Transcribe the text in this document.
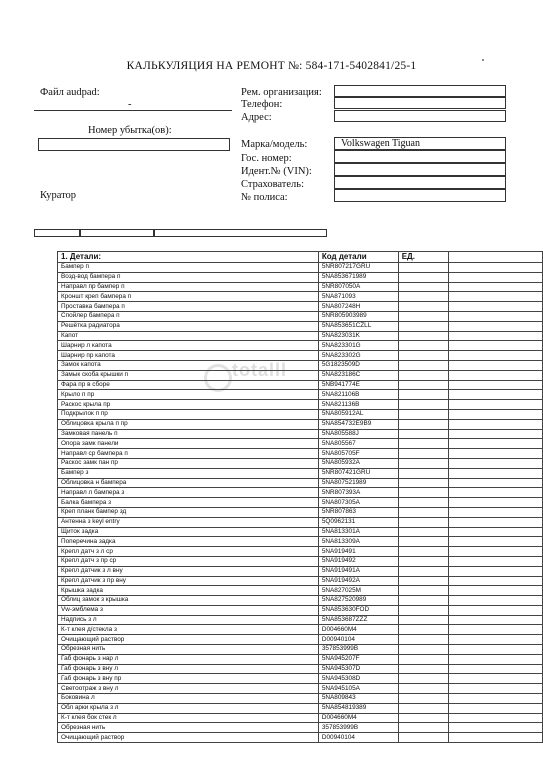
КАЛЬКУЛЯЦИЯ НА РЕМОНТ №: 584-171-5402841/25-1
Файл audpad:
-
Номер убытка(ов):
Куратор
Рем. организация:
Телефон:
Адрес:
Марка/модель:	Volkswagen Tiguan
Гос. номер:
Идент.№ (VIN):
Страхователь:
№ полиса:
totalll
1. Детали:	Код детали	ЕД.	
Бампер п	5NR807217GRU		
Возд-вод бампера п	5NA853671989		
Направл пр бампер п	5NR807050A		
Кроншт креп бампера п	5NA871093		
Проставка бампера п	5NA807248H		
Спойлер бампера п	5NR805903989		
Решётка радиатора	5NA853651CZLL		
Капот	5NA823031K		
Шарнир л капота	5NA823301G		
Шарнир пр капота	5NA823302G		
Замок капота	5G1823509D		
Замык скоба крышки п	5NA823186C		
Фара пр в сборе	5NB941774E		
Крыло п пр	5NA821106B		
Раскос крыла пр	5NA821136B		
Подкрылок п пр	5NA805912AL		
Облицовка крыла п пр	5NA854732E9B9		
Замковая панель п	5NA805588J		
Опора замк панели	5NA805567		
Направл ср бампера п	5NA805705F		
Раскос замк пан пр	5NA805932A		
Бампер з	5NR807421GRU		
Облицовка н бампера	5NA807521989		
Направл л бампера з	5NR807393A		
Балка бампера з	5NA807305A		
Креп планк бампер зд	5NR807863		
Антенна з keyl entry	5Q0962131		
Щиток задка	5NA813301A		
Поперечина задка	5NA813309A		
Крепл датч з л ср	5NA919491		
Крепл датч з пр ср	5NA919492		
Крепл датчик з л вну	5NA919491A		
Крепл датчик з пр вну	5NA919492A		
Крышка задка	5NA827025M		
Облиц замок з крышка	5NA827520989		
Vw-эмблема з	5NA853630FOD		
Надпись з л	5NA853687ZZZ		
К-т клея д/стекла з	D004660M4		
Очищающий раствор	D00940104		
Обрезная нить	357853999B		
Габ фонарь з нар л	5NA945207F		
Габ фонарь з вну л	5NA945307D		
Габ фонарь з вну пр	5NA945308D		
Светоотраж з вну л	5NA945105A		
Боковина л	5NA809843		
Обл арки крыла з л	5NA854819389		
К-т клея бок стек л	D004660M4		
Обрезная нить	357853999B		
Очищающий раствор	D00940104		
